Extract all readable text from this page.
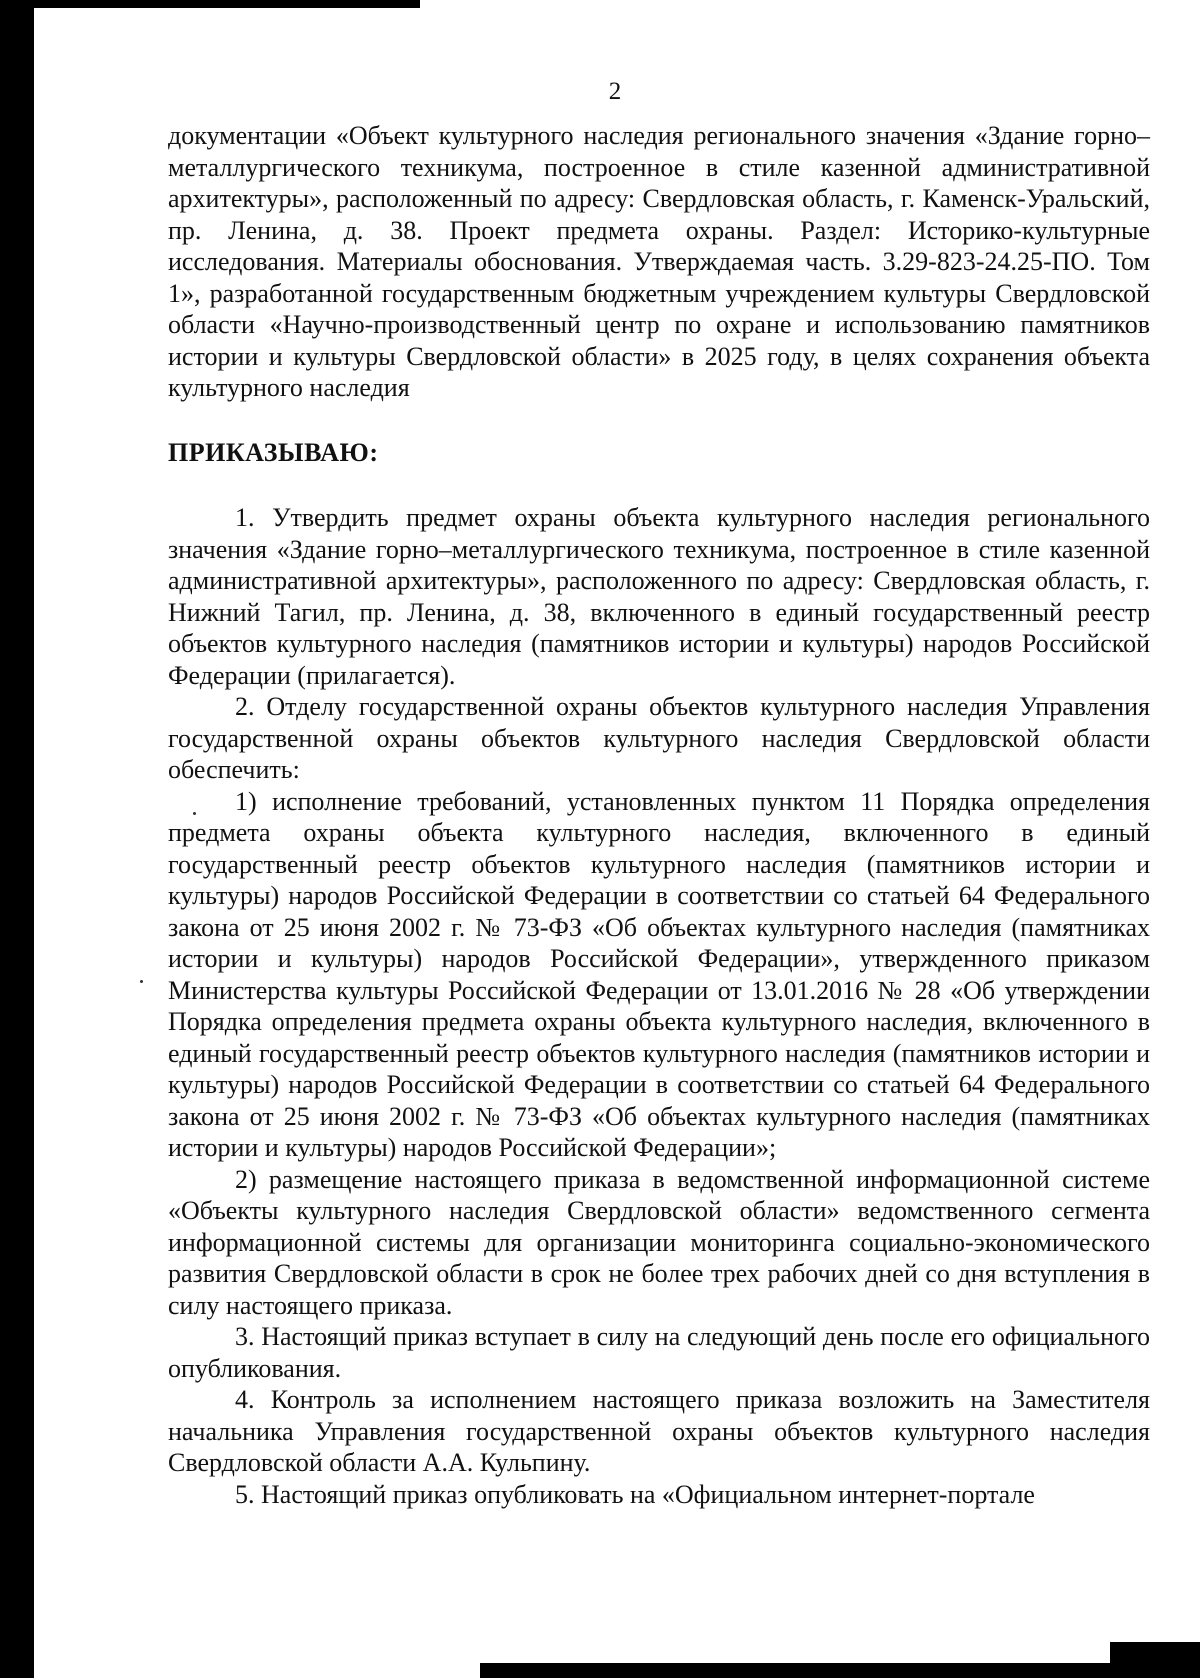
2

документации «Объект культурного наследия регионального значения «Здание горно–металлургического техникума, построенное в стиле казенной административной архитектуры», расположенный по адресу: Свердловская область, г. Каменск-Уральский, пр. Ленина, д. 38. Проект предмета охраны. Раздел: Историко-культурные исследования. Материалы обоснования. Утверждаемая часть. 3.29-823-24.25-ПО. Том 1», разработанной государственным бюджетным учреждением культуры Свердловской области «Научно-производственный центр по охране и использованию памятников истории и культуры Свердловской области» в 2025 году, в целях сохранения объекта культурного наследия

ПРИКАЗЫВАЮ:

1. Утвердить предмет охраны объекта культурного наследия регионального значения «Здание горно–металлургического техникума, построенное в стиле казенной административной архитектуры», расположенного по адресу: Свердловская область, г. Нижний Тагил, пр. Ленина, д. 38, включенного в единый государственный реестр объектов культурного наследия (памятников истории и культуры) народов Российской Федерации (прилагается).

2. Отделу государственной охраны объектов культурного наследия Управления государственной охраны объектов культурного наследия Свердловской области обеспечить:

1) исполнение требований, установленных пунктом 11 Порядка определения предмета охраны объекта культурного наследия, включенного в единый государственный реестр объектов культурного наследия (памятников истории и культуры) народов Российской Федерации в соответствии со статьей 64 Федерального закона от 25 июня 2002 г. № 73-ФЗ «Об объектах культурного наследия (памятниках истории и культуры) народов Российской Федерации», утвержденного приказом Министерства культуры Российской Федерации от 13.01.2016 № 28 «Об утверждении Порядка определения предмета охраны объекта культурного наследия, включенного в единый государственный реестр объектов культурного наследия (памятников истории и культуры) народов Российской Федерации в соответствии со статьей 64 Федерального закона от 25 июня 2002 г. № 73-ФЗ «Об объектах культурного наследия (памятниках истории и культуры) народов Российской Федерации»;

2) размещение настоящего приказа в ведомственной информационной системе «Объекты культурного наследия Свердловской области» ведомственного сегмента информационной системы для организации мониторинга социально-экономического развития Свердловской области в срок не более трех рабочих дней со дня вступления в силу настоящего приказа.

3. Настоящий приказ вступает в силу на следующий день после его официального опубликования.

4. Контроль за исполнением настоящего приказа возложить на Заместителя начальника Управления государственной охраны объектов культурного наследия Свердловской области А.А. Кульпину.

5. Настоящий приказ опубликовать на «Официальном интернет-портале
